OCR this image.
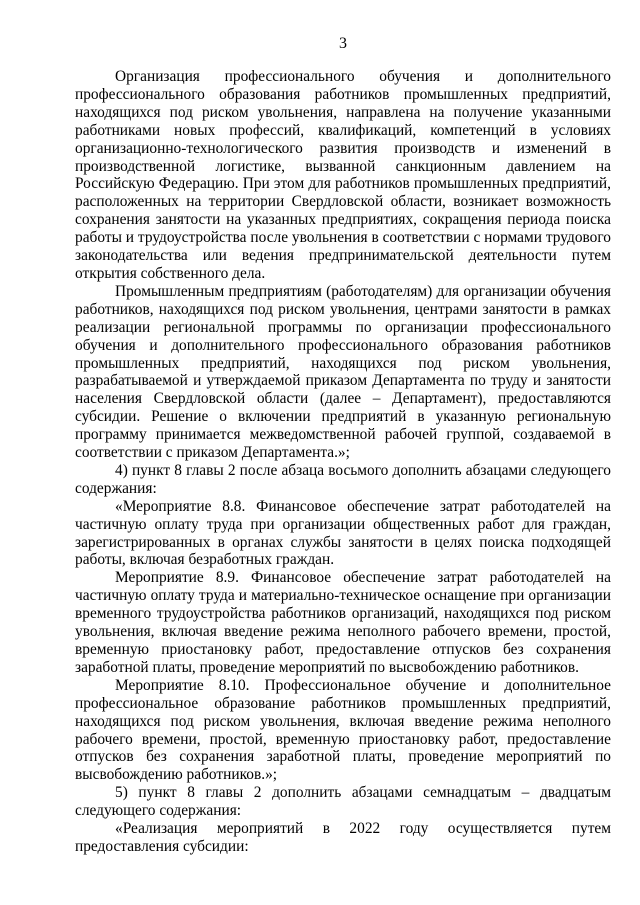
3

Организация профессионального обучения и дополнительного профессионального образования работников промышленных предприятий, находящихся под риском увольнения, направлена на получение указанными работниками новых профессий, квалификаций, компетенций в условиях организационно-технологического развития производств и изменений в производственной логистике, вызванной санкционным давлением на Российскую Федерацию. При этом для работников промышленных предприятий, расположенных на территории Свердловской области, возникает возможность сохранения занятости на указанных предприятиях, сокращения периода поиска работы и трудоустройства после увольнения в соответствии с нормами трудового законодательства или ведения предпринимательской деятельности путем открытия собственного дела.

Промышленным предприятиям (работодателям) для организации обучения работников, находящихся под риском увольнения, центрами занятости в рамках реализации региональной программы по организации профессионального обучения и дополнительного профессионального образования работников промышленных предприятий, находящихся под риском увольнения, разрабатываемой и утверждаемой приказом Департамента по труду и занятости населения Свердловской области (далее – Департамент), предоставляются субсидии. Решение о включении предприятий в указанную региональную программу принимается межведомственной рабочей группой, создаваемой в соответствии с приказом Департамента.»;

4) пункт 8 главы 2 после абзаца восьмого дополнить абзацами следующего содержания:

«Мероприятие 8.8. Финансовое обеспечение затрат работодателей на частичную оплату труда при организации общественных работ для граждан, зарегистрированных в органах службы занятости в целях поиска подходящей работы, включая безработных граждан.

Мероприятие 8.9. Финансовое обеспечение затрат работодателей на частичную оплату труда и материально-техническое оснащение при организации временного трудоустройства работников организаций, находящихся под риском увольнения, включая введение режима неполного рабочего времени, простой, временную приостановку работ, предоставление отпусков без сохранения заработной платы, проведение мероприятий по высвобождению работников.

Мероприятие 8.10. Профессиональное обучение и дополнительное профессиональное образование работников промышленных предприятий, находящихся под риском увольнения, включая введение режима неполного рабочего времени, простой, временную приостановку работ, предоставление отпусков без сохранения заработной платы, проведение мероприятий по высвобождению работников.»;

5) пункт 8 главы 2 дополнить абзацами семнадцатым – двадцатым следующего содержания:

«Реализация мероприятий в 2022 году осуществляется путем предоставления субсидии:
